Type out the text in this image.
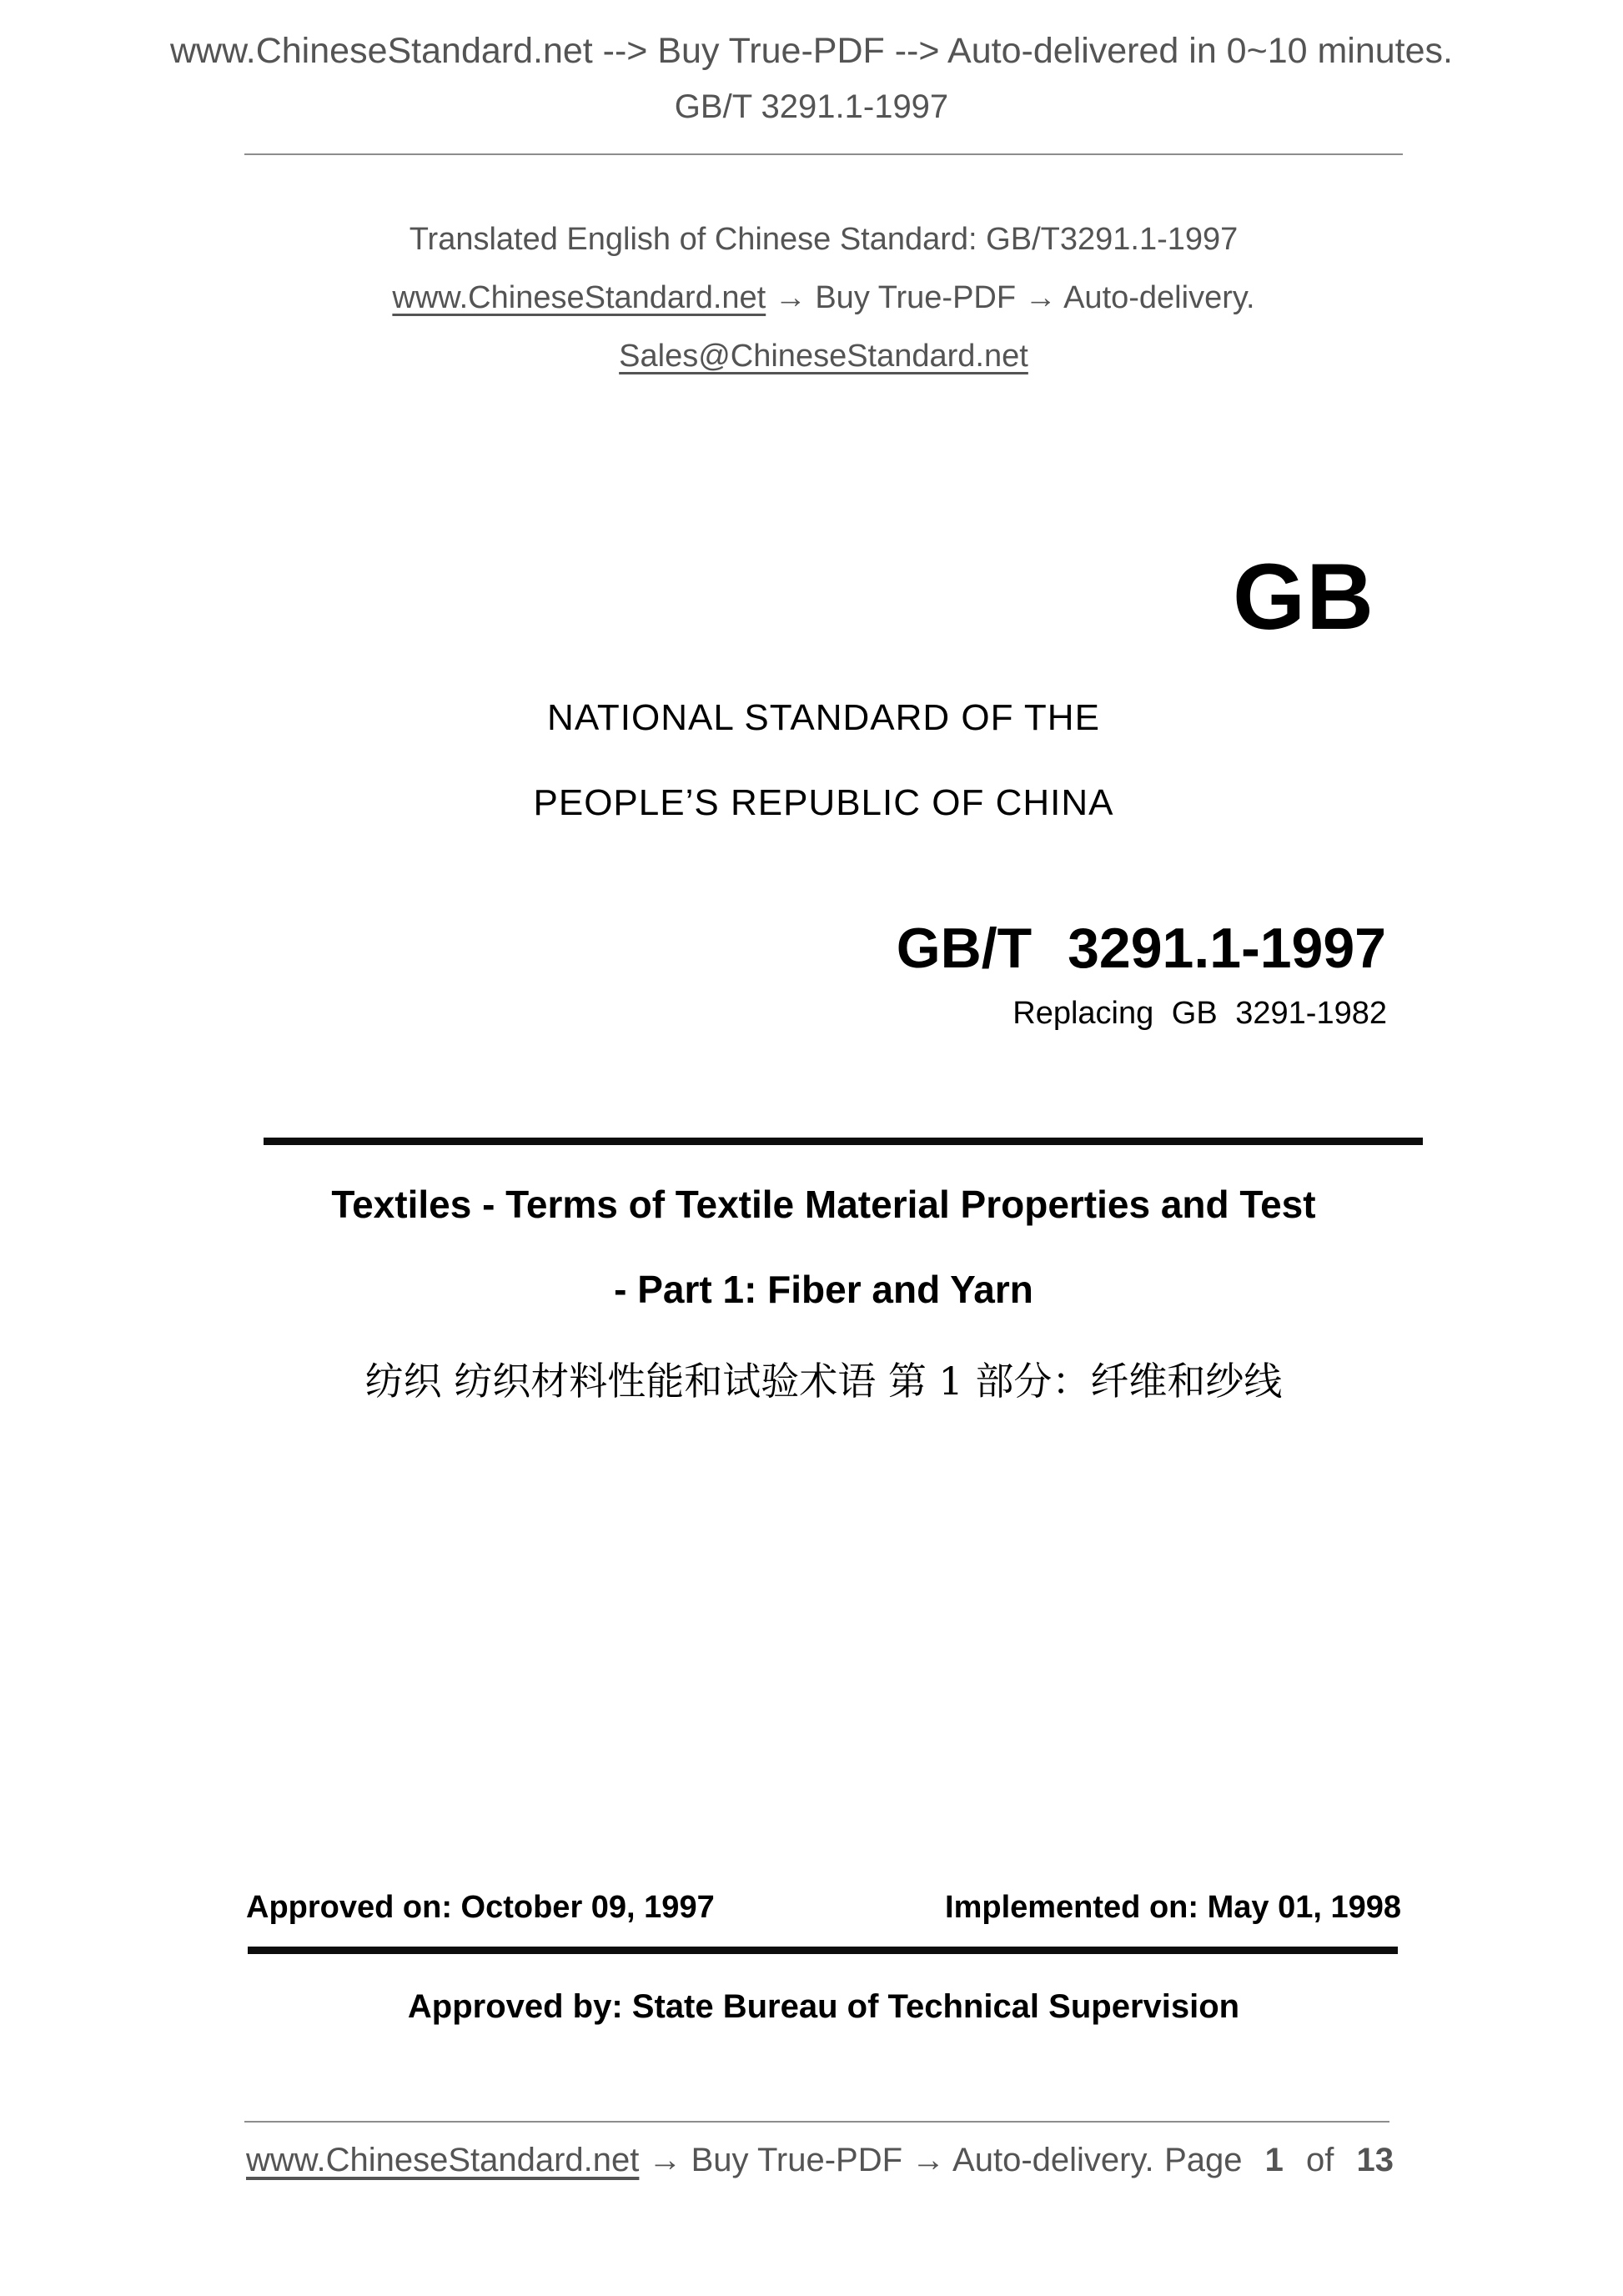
www.ChineseStandard.net --> Buy True-PDF --> Auto-delivered in 0~10 minutes.
GB/T 3291.1-1997
Translated English of Chinese Standard: GB/T3291.1-1997
www.ChineseStandard.net → Buy True-PDF → Auto-delivery.
Sales@ChineseStandard.net
GB
NATIONAL STANDARD OF THE
PEOPLE’S REPUBLIC OF CHINA
GB/T 3291.1-1997
Replacing GB 3291-1982
Textiles - Terms of Textile Material Properties and Test
- Part 1: Fiber and Yarn
纺织 纺织材料性能和试验术语 第 1 部分：纤维和纱线
Approved on: October 09, 1997	Implemented on: May 01, 1998
Approved by: State Bureau of Technical Supervision
www.ChineseStandard.net → Buy True-PDF → Auto-delivery. Page 1 of 13
